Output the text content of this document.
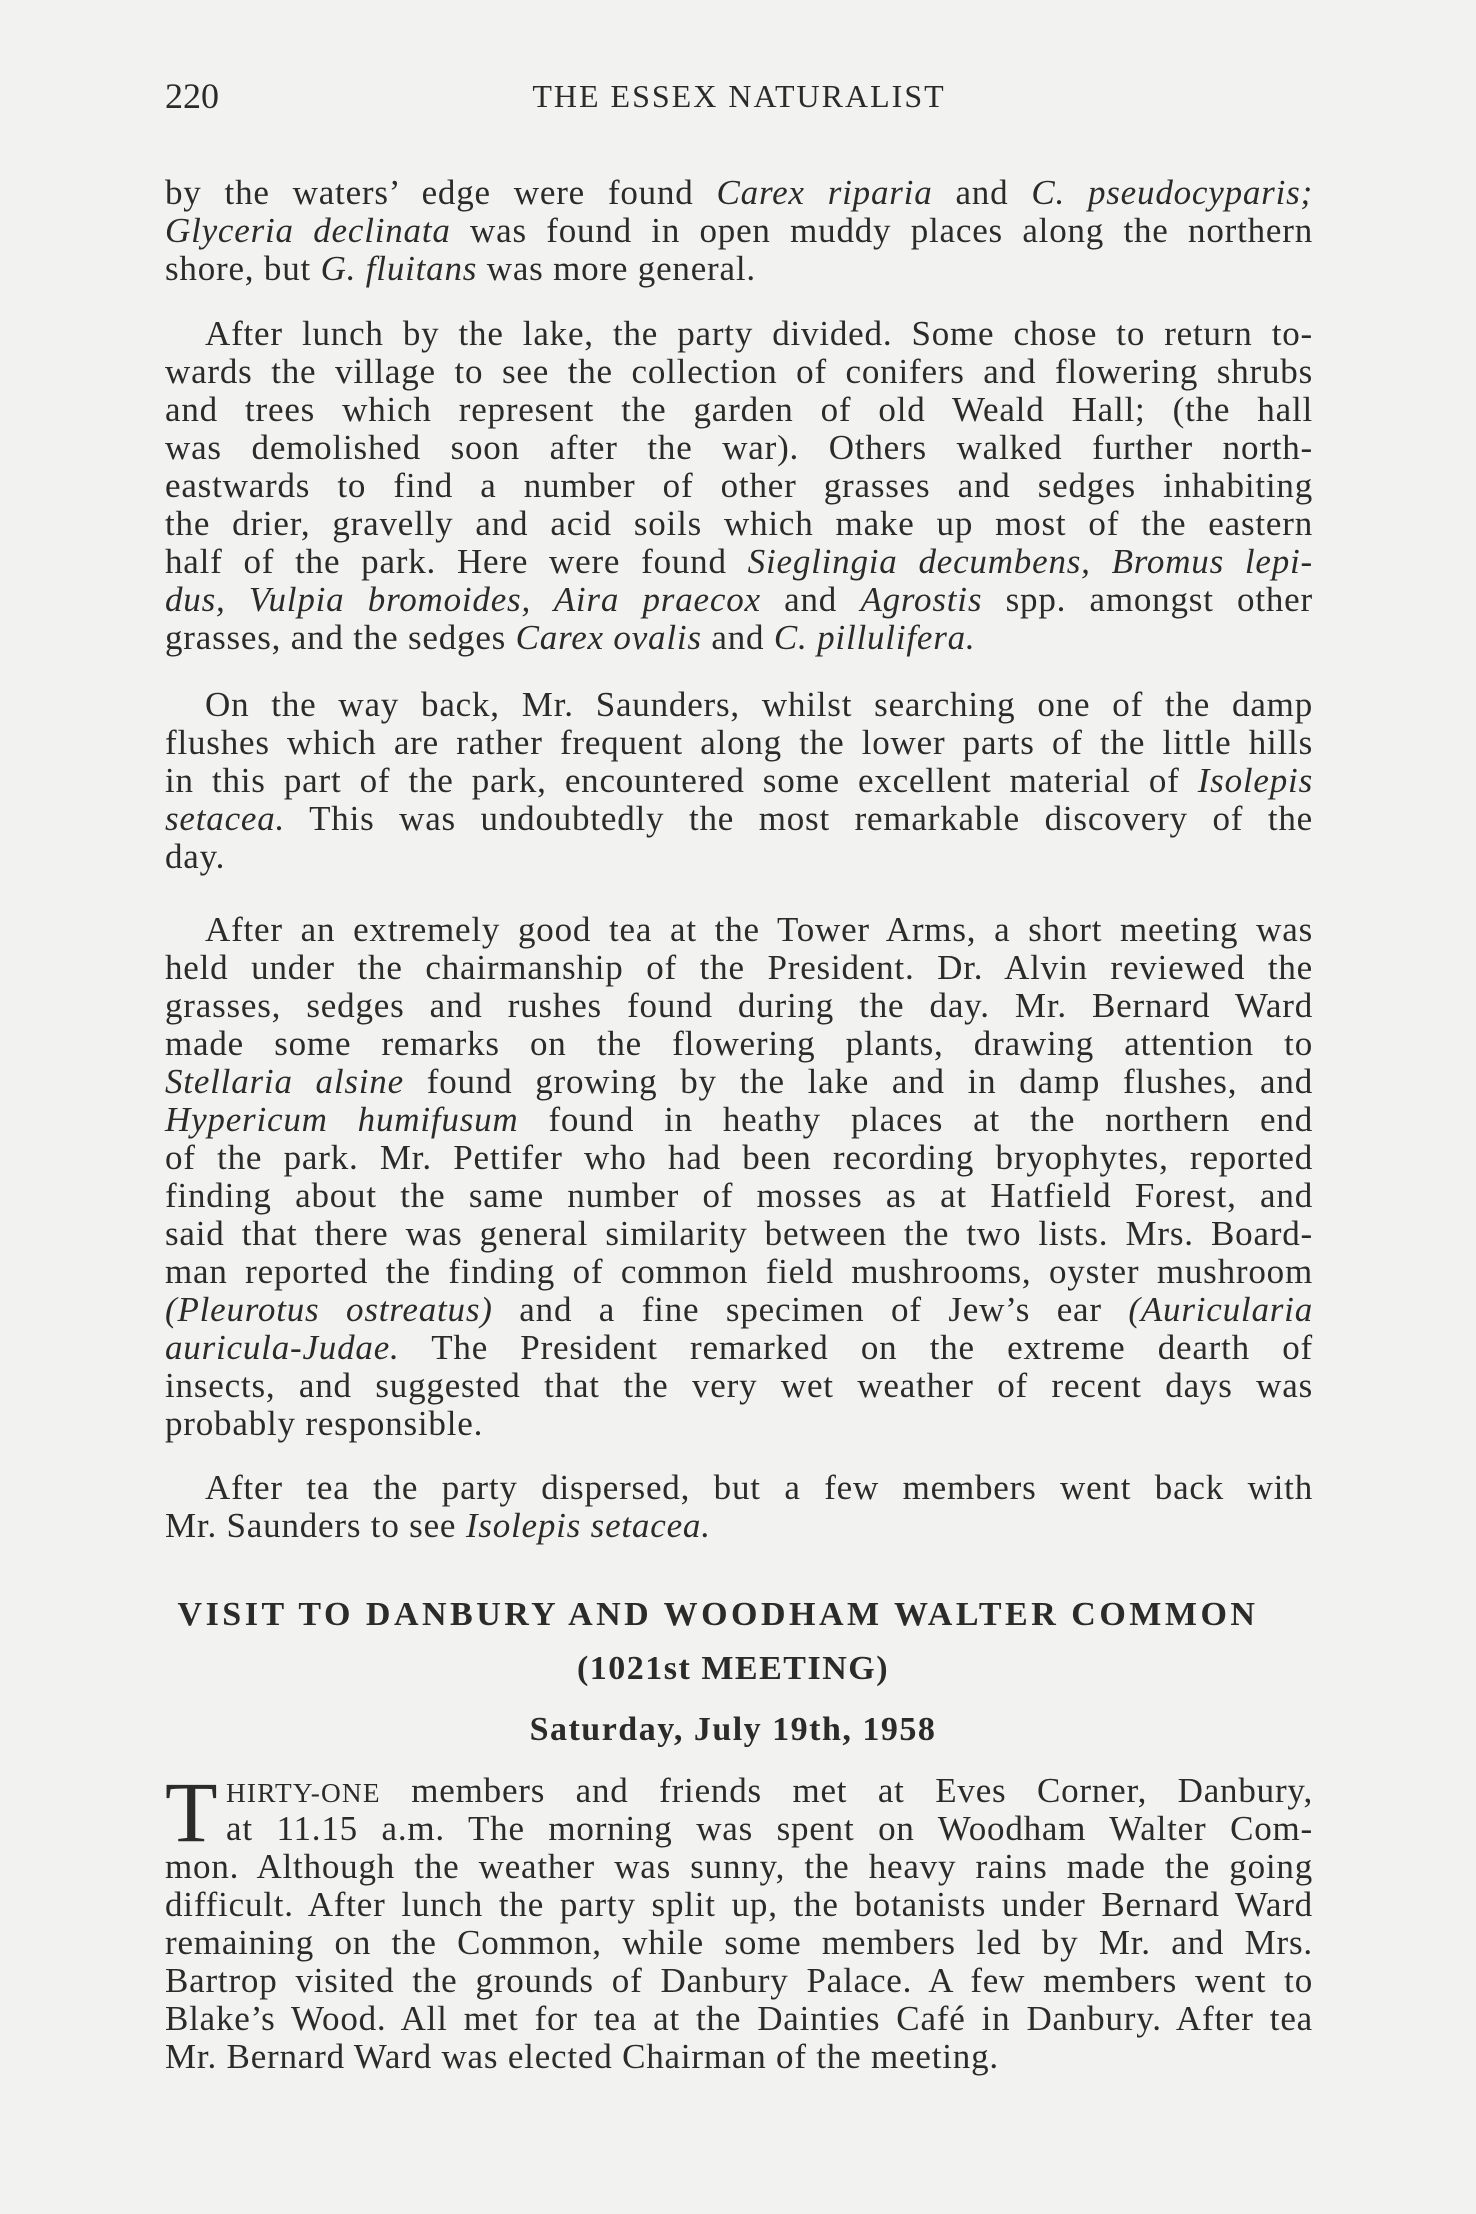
220	THE ESSEX NATURALIST
by the waters’ edge were found Carex riparia and C. pseudocyparis;
Glyceria declinata was found in open muddy places along the northern
shore, but G. fluitans was more general.
After lunch by the lake, the party divided. Some chose to return to-
wards the village to see the collection of conifers and flowering shrubs
and trees which represent the garden of old Weald Hall; (the hall
was demolished soon after the war). Others walked further north-
eastwards to find a number of other grasses and sedges inhabiting
the drier, gravelly and acid soils which make up most of the eastern
half of the park. Here were found Sieglingia decumbens, Bromus lepi-
dus, Vulpia bromoides, Aira praecox and Agrostis spp. amongst other
grasses, and the sedges Carex ovalis and C. pillulifera.
On the way back, Mr. Saunders, whilst searching one of the damp
flushes which are rather frequent along the lower parts of the little hills
in this part of the park, encountered some excellent material of Isolepis
setacea. This was undoubtedly the most remarkable discovery of the
day.
After an extremely good tea at the Tower Arms, a short meeting was
held under the chairmanship of the President. Dr. Alvin reviewed the
grasses, sedges and rushes found during the day. Mr. Bernard Ward
made some remarks on the flowering plants, drawing attention to
Stellaria alsine found growing by the lake and in damp flushes, and
Hypericum humifusum found in heathy places at the northern end
of the park. Mr. Pettifer who had been recording bryophytes, reported
finding about the same number of mosses as at Hatfield Forest, and
said that there was general similarity between the two lists. Mrs. Board-
man reported the finding of common field mushrooms, oyster mushroom
(Pleurotus ostreatus) and a fine specimen of Jew’s ear (Auricularia
auricula-Judae. The President remarked on the extreme dearth of
insects, and suggested that the very wet weather of recent days was
probably responsible.
After tea the party dispersed, but a few members went back with
Mr. Saunders to see Isolepis setacea.
VISIT TO DANBURY AND WOODHAM WALTER COMMON
(1021st MEETING)
Saturday, July 19th, 1958
T HIRTY-ONE members and friends met at Eves Corner, Danbury,
at 11.15 a.m. The morning was spent on Woodham Walter Com-
mon. Although the weather was sunny, the heavy rains made the going
difficult. After lunch the party split up, the botanists under Bernard Ward
remaining on the Common, while some members led by Mr. and Mrs.
Bartrop visited the grounds of Danbury Palace. A few members went to
Blake’s Wood. All met for tea at the Dainties Café in Danbury. After tea
Mr. Bernard Ward was elected Chairman of the meeting.
